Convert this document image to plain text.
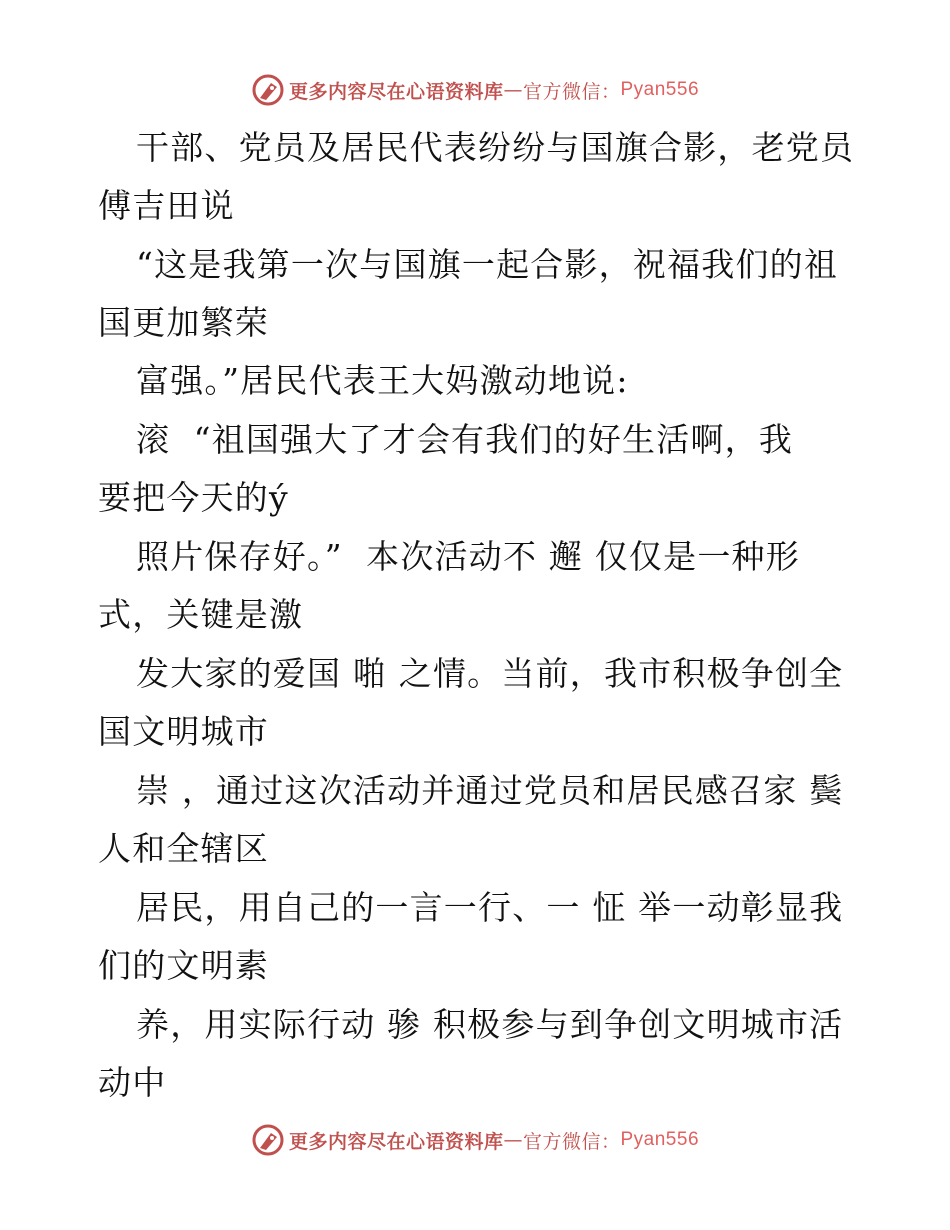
更多内容尽在心语资料库 — 官方微信： Pyan556
干部、党员及居民代表纷纷与国旗合影，老党员
傅吉田说
“这是我第一次与国旗一起合影，祝福我们的祖
国更加繁荣
富强。”居民代表王大妈激动地说:
滚  “祖国强大了才会有我们的好生活啊，我
要把今天的ý
照片保存好。”  本次活动不 邂 仅仅是一种形
式，关键是激
发大家的爱国 啪 之情。当前，我市积极争创全
国文明城市
崇 ，通过这次活动并通过党员和居民感召家 鬓
人和全辖区
居民，用自己的一言一行、一 怔 举一动彰显我
们的文明素
养，用实际行动 骖 积极参与到争创文明城市活
动中
更多内容尽在心语资料库 — 官方微信： Pyan556
